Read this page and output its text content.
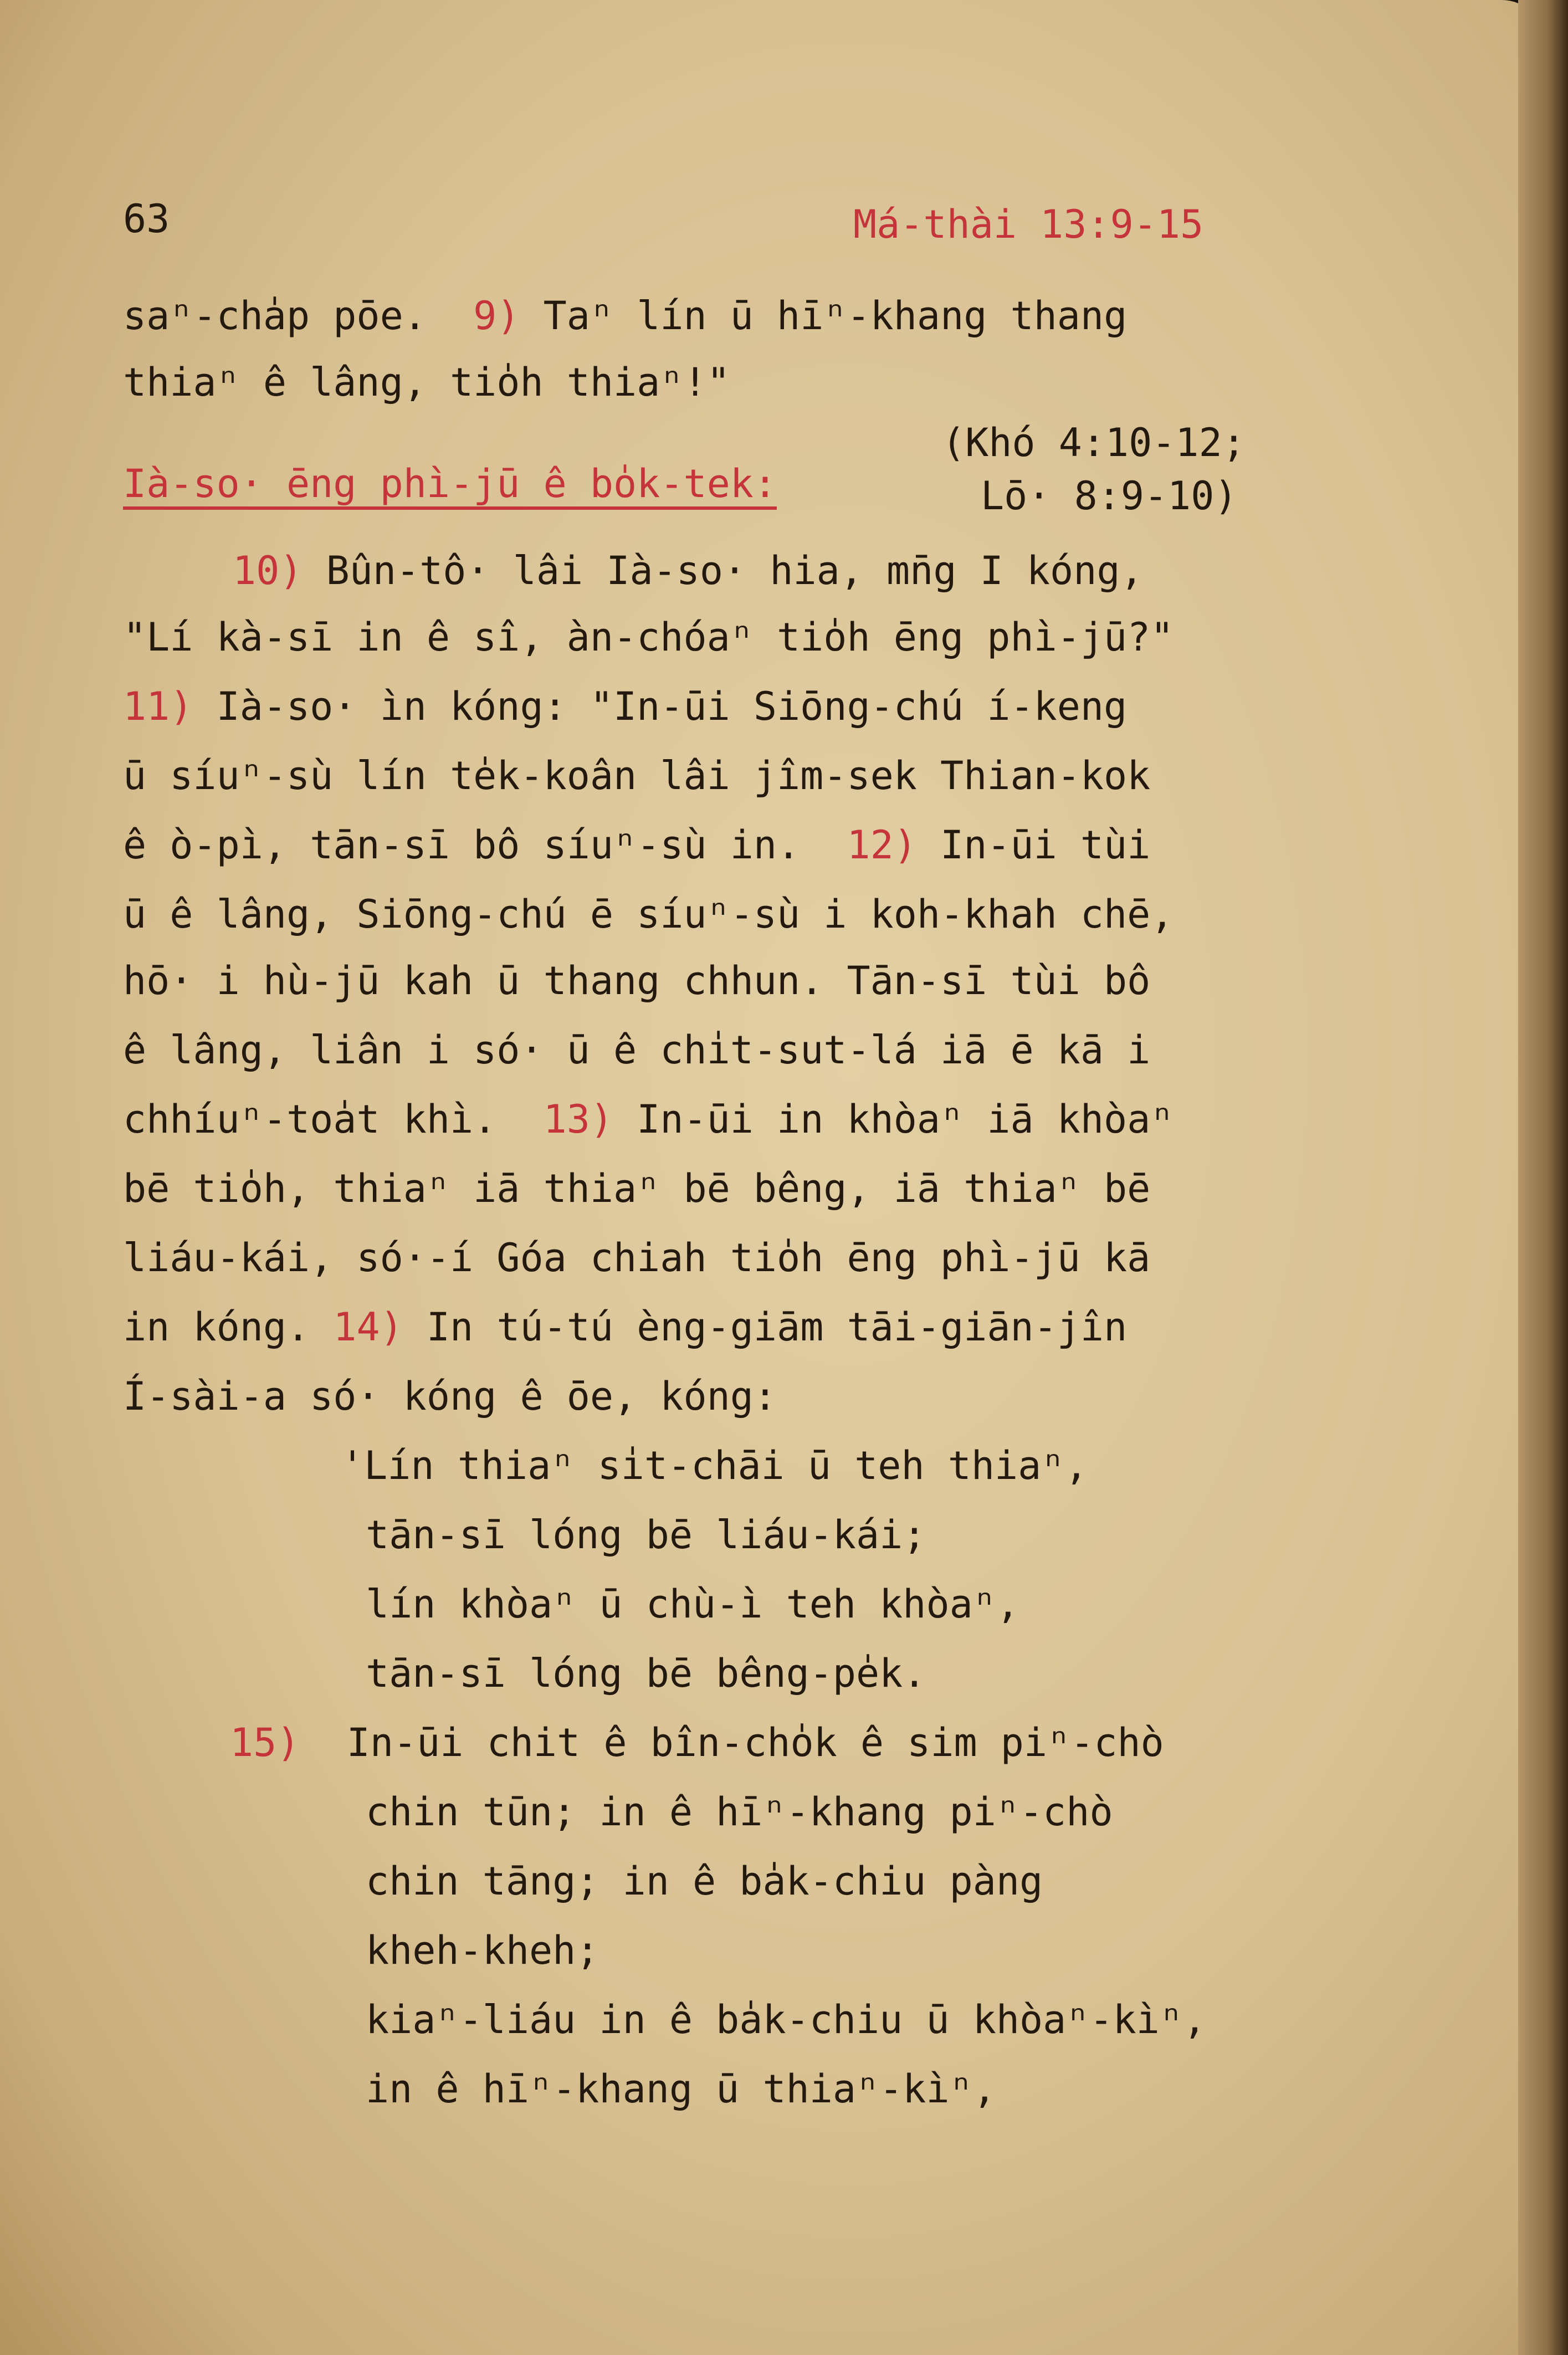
63	Má-thài 13:9-15
saⁿ-cha̍p pōe. 9) Taⁿ lín ū hīⁿ-khang thang
thiaⁿ ê lâng, tio̍h thiaⁿ!"
Ià-so· ēng phì-jū ê bo̍k-tek:
(Khó 4:10-12;
Lō· 8:9-10)
10) Bûn-tô· lâi Ià-so· hia, mn̄g I kóng,
"Lí kà-sī in ê sî, àn-chóaⁿ tio̍h ēng phì-jū?"
11) Ià-so· ìn kóng: "In-ūi Siōng-chú í-keng
ū síuⁿ-sù lín te̍k-koân lâi jîm-sek Thian-kok
ê ò-pì, tān-sī bô síuⁿ-sù in. 12) In-ūi tùi
ū ê lâng, Siōng-chú ē síuⁿ-sù i koh-khah chē,
hō· i hù-jū kah ū thang chhun. Tān-sī tùi bô
ê lâng, liân i só· ū ê chi̍t-sut-lá iā ē kā i
chhíuⁿ-toa̍t khì. 13) In-ūi in khòaⁿ iā khòaⁿ
bē tio̍h, thiaⁿ iā thiaⁿ bē bêng, iā thiaⁿ bē
liáu-kái, só·-í Góa chiah tio̍h ēng phì-jū kā
in kóng. 14) In tú-tú èng-giām tāi-giān-jîn
Í-sài-a só· kóng ê ōe, kóng:
'Lín thiaⁿ si̍t-chāi ū teh thiaⁿ,
tān-sī lóng bē liáu-kái;
lín khòaⁿ ū chù-ì teh khòaⁿ,
tān-sī lóng bē bêng-pe̍k.
15) In-ūi chit ê bîn-cho̍k ê sim piⁿ-chò
chin tūn; in ê hīⁿ-khang piⁿ-chò
chin tāng; in ê ba̍k-chiu pàng
kheh-kheh;
kiaⁿ-liáu in ê ba̍k-chiu ū khòaⁿ-kìⁿ,
in ê hīⁿ-khang ū thiaⁿ-kìⁿ,
